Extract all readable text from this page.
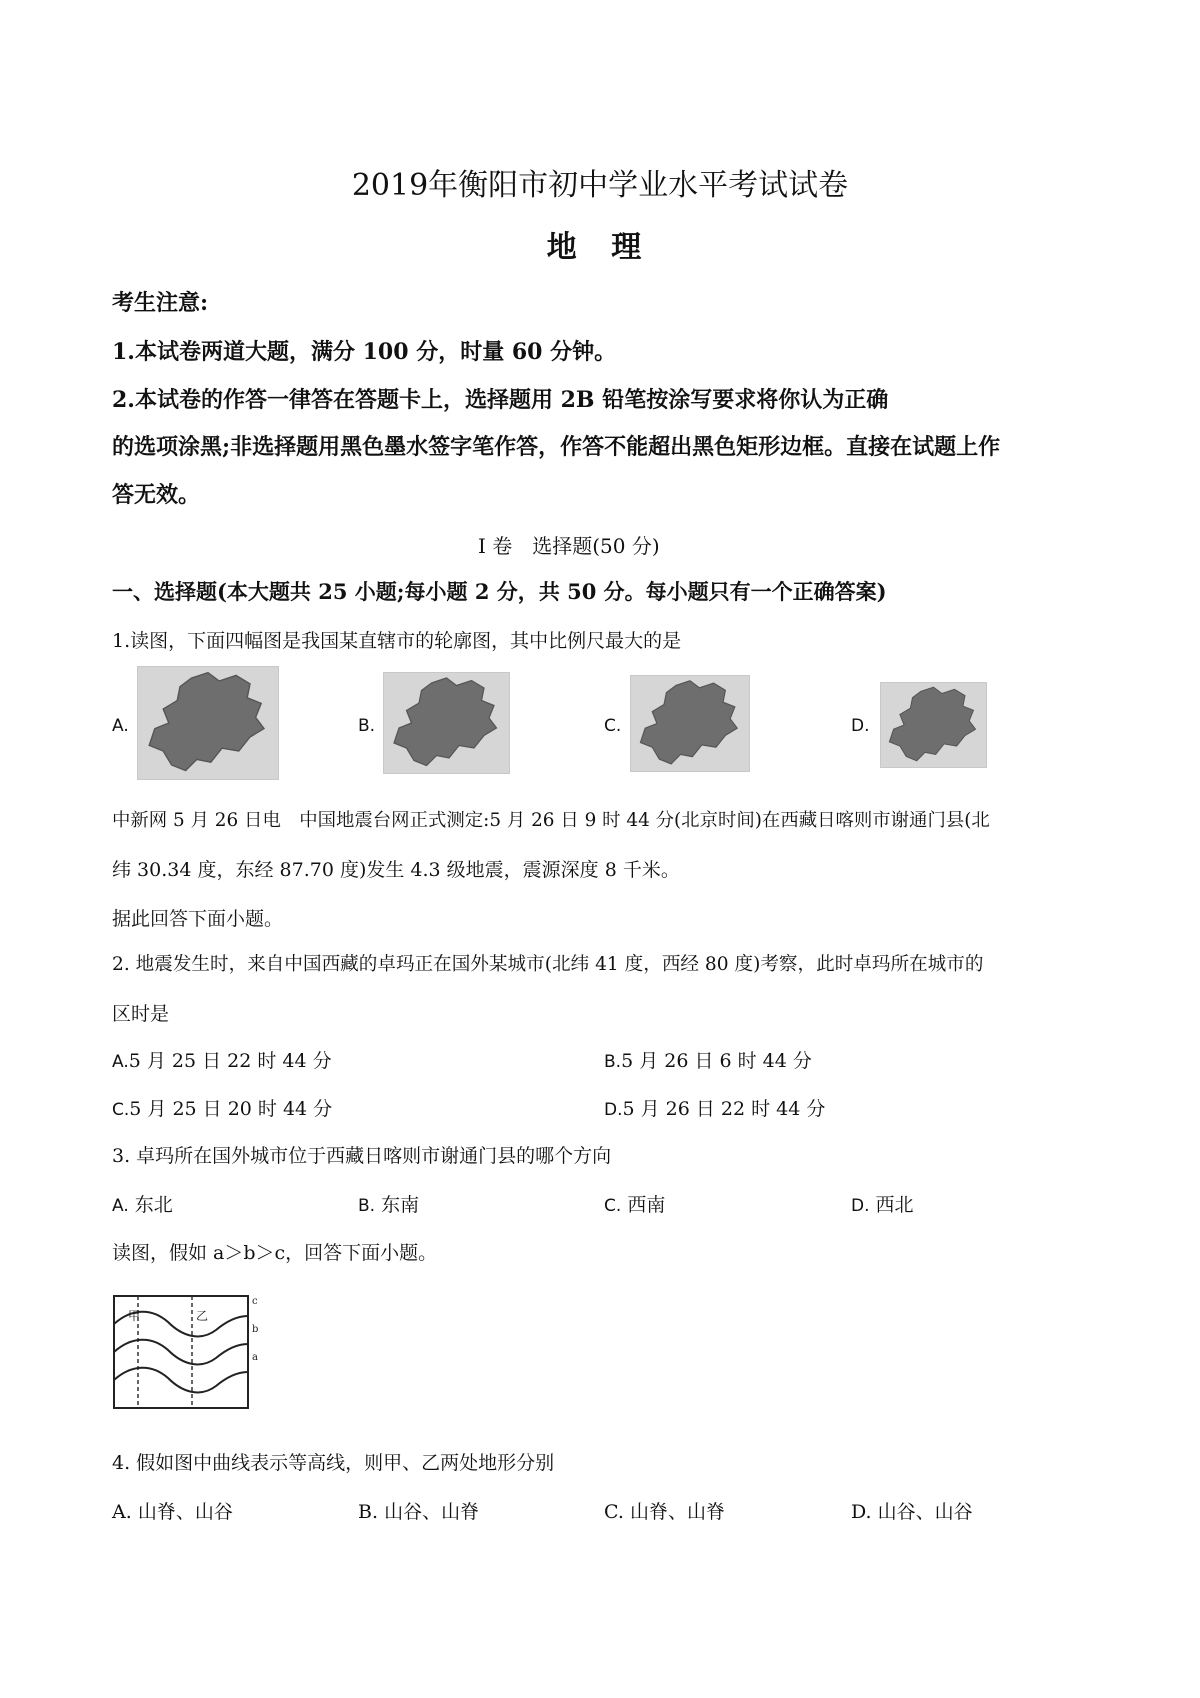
2019年衡阳市初中学业水平考试试卷
地 理
考生注意:
1.本试卷两道大题，满分 100 分，时量 60 分钟。
2.本试卷的作答一律答在答题卡上，选择题用 2B 铅笔按涂写要求将你认为正确
的选项涂黑;非选择题用黑色墨水签字笔作答，作答不能超出黑色矩形边框。直接在试题上作
答无效。
I 卷　选择题(50 分)
一、选择题(本大题共 25 小题;每小题 2 分，共 50 分。每小题只有一个正确答案)
1.读图，下面四幅图是我国某直辖市的轮廓图，其中比例尺最大的是
A.	B.	C.	D.
中新网 5 月 26 日电　中国地震台网正式测定:5 月 26 日 9 时 44 分(北京时间)在西藏日喀则市谢通门县(北
纬 30.34 度，东经 87.70 度)发生 4.3 级地震，震源深度 8 千米。
据此回答下面小题。
2. 地震发生时，来自中国西藏的卓玛正在国外某城市(北纬 41 度，西经 80 度)考察，此时卓玛所在城市的
区时是
A.5 月 25 日 22 时 44 分	B.5 月 26 日 6 时 44 分
C.5 月 25 日 20 时 44 分	D.5 月 26 日 22 时 44 分
3. 卓玛所在国外城市位于西藏日喀则市谢通门县的哪个方向
A. 东北	B. 东南	C. 西南	D. 西北
读图，假如 a＞b＞c，回答下面小题。
甲	乙
c
b
a
4. 假如图中曲线表示等高线，则甲、乙两处地形分别
A. 山脊、山谷	B. 山谷、山脊	C. 山脊、山脊	D. 山谷、山谷
